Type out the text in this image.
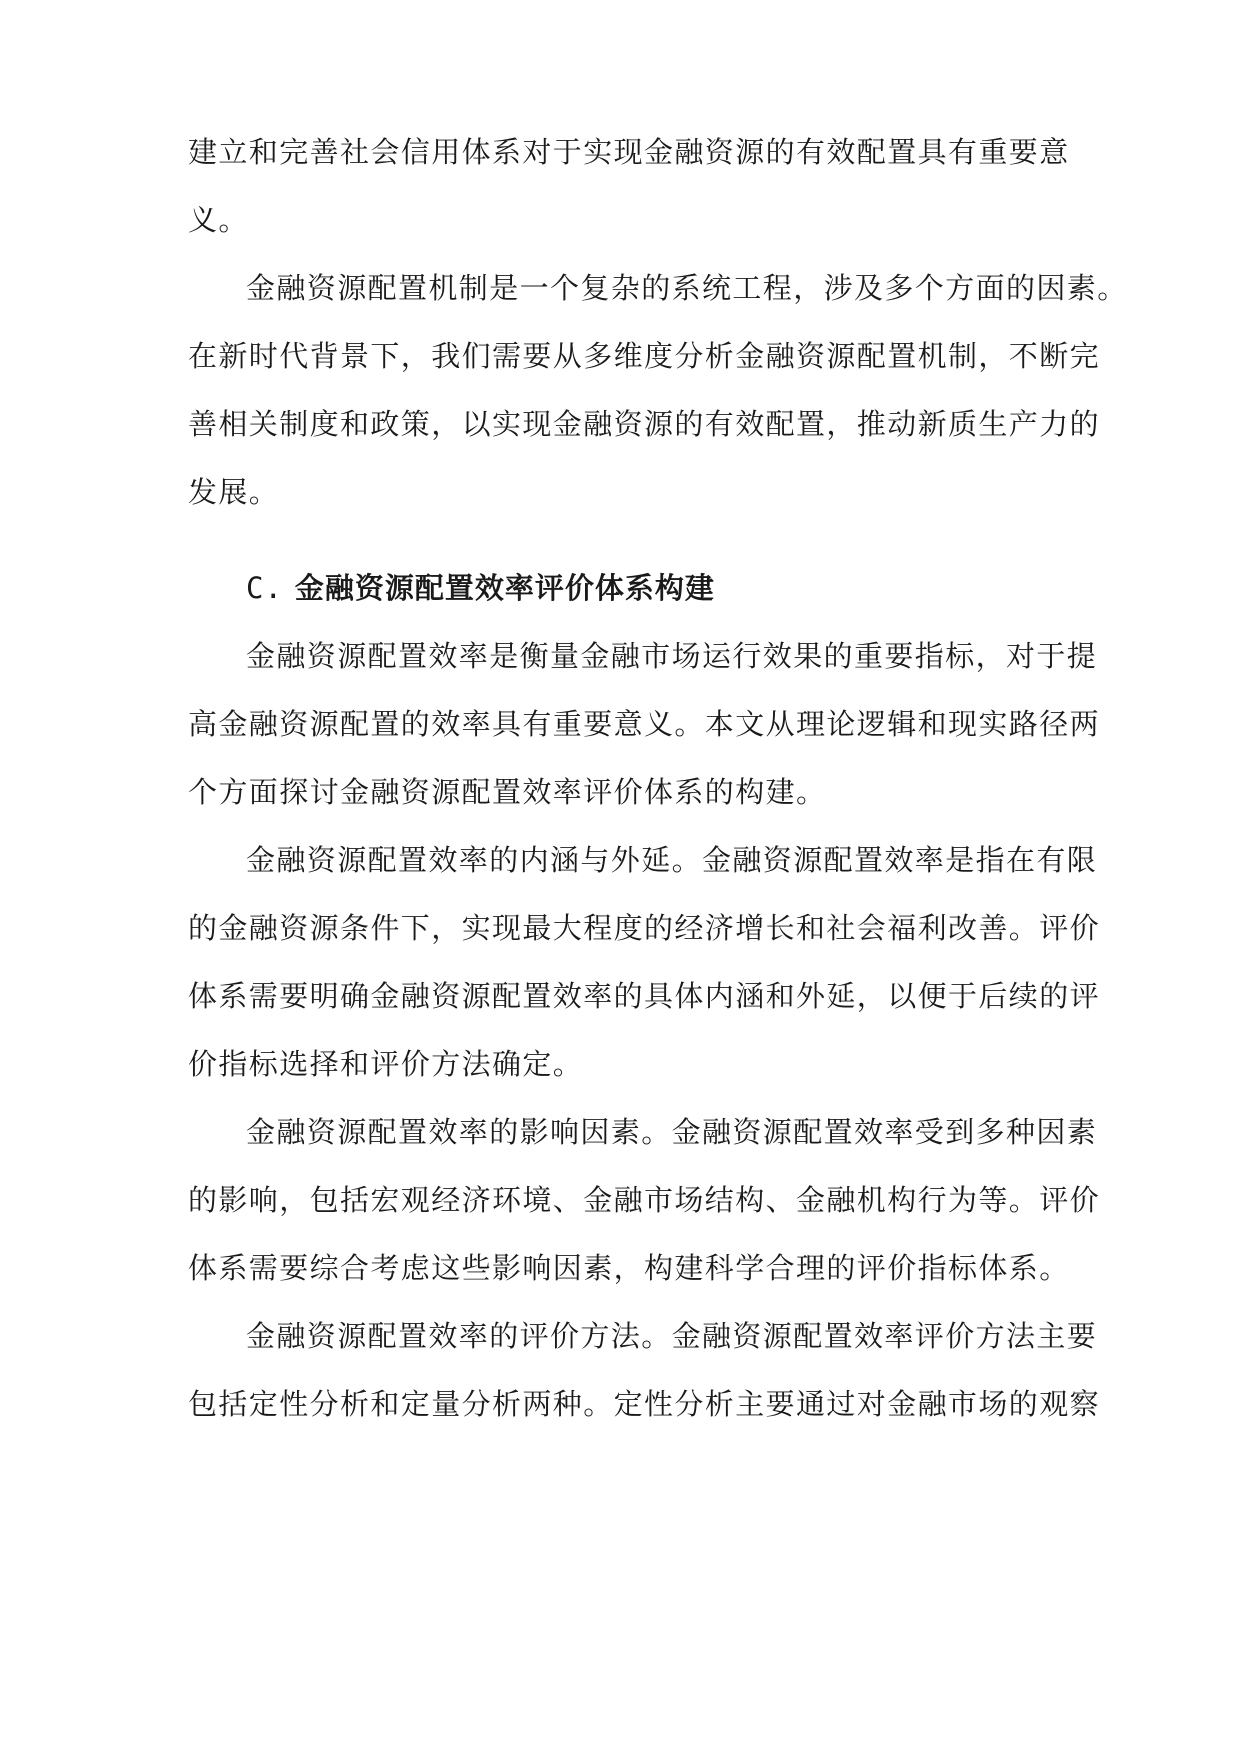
建立和完善社会信用体系对于实现金融资源的有效配置具有重要意
义。
金融资源配置机制是一个复杂的系统工程，涉及多个方面的因素。
在新时代背景下，我们需要从多维度分析金融资源配置机制，不断完
善相关制度和政策，以实现金融资源的有效配置，推动新质生产力的
发展。
C. 金融资源配置效率评价体系构建
金融资源配置效率是衡量金融市场运行效果的重要指标，对于提
高金融资源配置的效率具有重要意义。本文从理论逻辑和现实路径两
个方面探讨金融资源配置效率评价体系的构建。
金融资源配置效率的内涵与外延。金融资源配置效率是指在有限
的金融资源条件下，实现最大程度的经济增长和社会福利改善。评价
体系需要明确金融资源配置效率的具体内涵和外延，以便于后续的评
价指标选择和评价方法确定。
金融资源配置效率的影响因素。金融资源配置效率受到多种因素
的影响，包括宏观经济环境、金融市场结构、金融机构行为等。评价
体系需要综合考虑这些影响因素，构建科学合理的评价指标体系。
金融资源配置效率的评价方法。金融资源配置效率评价方法主要
包括定性分析和定量分析两种。定性分析主要通过对金融市场的观察
